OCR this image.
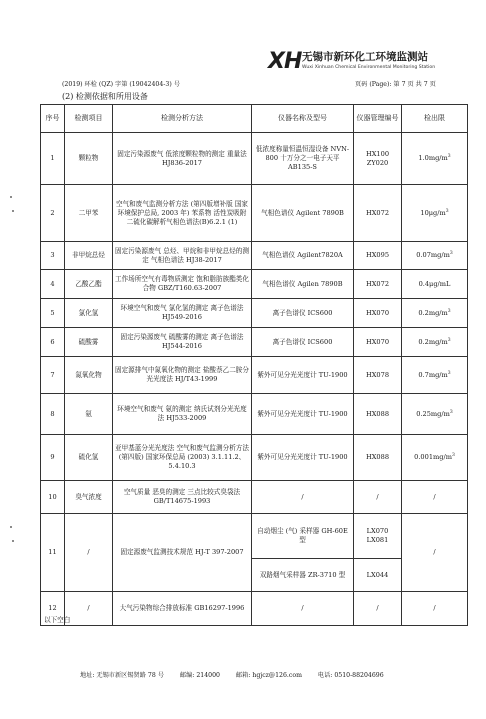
XH 无锡市新环化工环境监测站
Wuxi Xinhuan Chemical Environmental Monitoring Station
(2019) 环检 (QZ) 字第 (19042404-3) 号	页码 (Page): 第 7 页 共 7 页
(2) 检测依据和所用设备
序号	检测项目	检测分析方法	仪器名称及型号	仪器管理编号	检出限
1	颗粒物	固定污染源废气 低浓度颗粒物的测定 重量法 HJ836-2017	低浓度称量恒温恒湿设备 NVN-800 十万分之一电子天平 AB135-S	HX100 ZY020	$1.0mg/m^3$
2	二甲苯	空气和废气监测分析方法 (第四版增补版 国家环境保护总局, 2003 年) 苯系物 活性炭吸附二硫化碳解析气相色谱法(B)6.2.1 (1)	气相色谱仪 Agilent 7890B	HX072	$10\mu g/m^3$
3	非甲烷总烃	固定污染源废气 总烃、甲烷和非甲烷总烃的测定 气相色谱法 HJ38-2017	气相色谱仪 Agilent7820A	HX095	$0.07mg/m^3$
4	乙酸乙酯	工作场所空气有毒物质测定 饱和脂肪族酯类化合物 GBZ/T160.63-2007	气相色谱仪 Agilen 7890B	HX072	0.4μg/mL
5	氯化氢	环境空气和废气 氯化氢的测定 离子色谱法 HJ549-2016	离子色谱仪 ICS600	HX070	$0.2mg/m^3$
6	硫酸雾	固定污染源废气 硫酸雾的测定 离子色谱法 HJ544-2016	离子色谱仪 ICS600	HX070	$0.2mg/m^3$
7	氮氧化物	固定源排气中氮氧化物的测定 盐酸萘乙二胺分光光度法 HJ/T43-1999	紫外可见分光光度计 TU-1900	HX078	$0.7mg/m^3$
8	氨	环境空气和废气 氨的测定 纳氏试剂分光光度法 HJ533-2009	紫外可见分光光度计 TU-1900	HX088	$0.25mg/m^3$
9	硫化氢	亚甲基蓝分光光度法 空气和废气监测分析方法 (第四版) 国家环保总局 (2003) 3.1.11.2、5.4.10.3	紫外可见分光光度计 TU-1900	HX088	$0.001mg/m^3$
10	臭气浓度	空气质量 恶臭的测定 三点比较式臭袋法 GB/T14675-1993	/	/	/
11	/	固定源废气监测技术规范 HJ-T 397-2007	自动烟尘 (气) 采样器 GH-60E 型	LX070 LX081	/
			双路烟气采样器 ZR-3710 型	LX044	
12	/	大气污染物综合排放标准 GB16297-1996	/	/	/
以下空白
地址: 无锡市新区锡贤路 78 号	邮编: 214000	邮箱: hgjcz@126.com	电话: 0510-88204696
